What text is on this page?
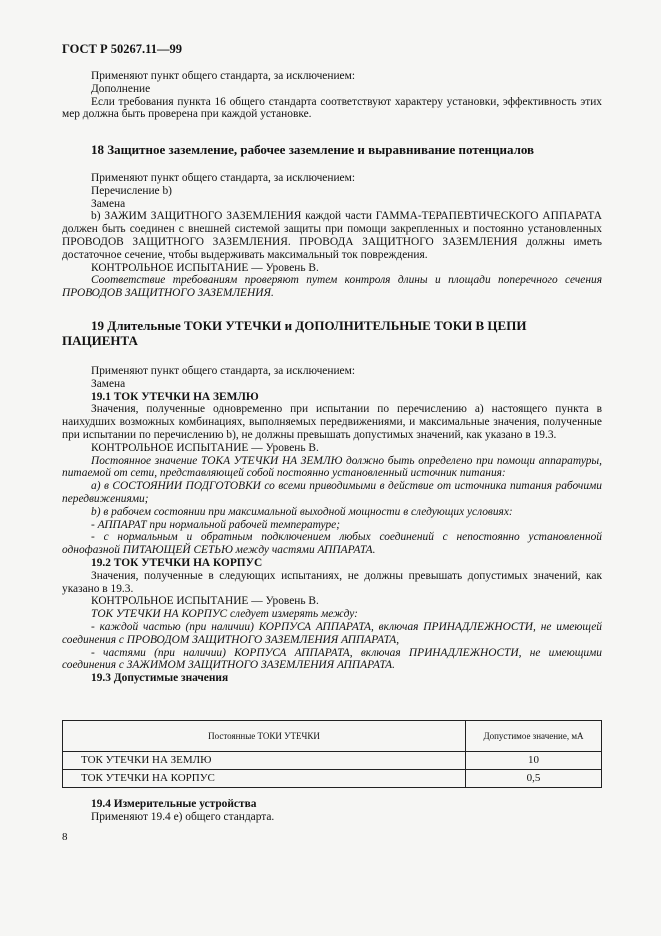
ГОСТ Р 50267.11—99

Применяют пункт общего стандарта, за исключением:

Дополнение

Если требования пункта 16 общего стандарта соответствуют характеру установки, эффективность этих мер должна быть проверена при каждой установке.

18 Защитное заземление, рабочее заземление и выравнивание потенциалов

Применяют пункт общего стандарта, за исключением:

Перечисление b)

Замена

b) ЗАЖИМ ЗАЩИТНОГО ЗАЗЕМЛЕНИЯ каждой части ГАММА-ТЕРАПЕВТИЧЕСКОГО АППАРАТА должен быть соединен с внешней системой защиты при помощи закрепленных и постоянно установленных ПРОВОДОВ ЗАЩИТНОГО ЗАЗЕМЛЕНИЯ. ПРОВОДА ЗАЩИТНОГО ЗАЗЕМЛЕНИЯ должны иметь достаточное сечение, чтобы выдерживать максимальный ток повреждения.

КОНТРОЛЬНОЕ ИСПЫТАНИЕ — Уровень В.

Соответствие требованиям проверяют путем контроля длины и площади поперечного сечения ПРОВОДОВ ЗАЩИТНОГО ЗАЗЕМЛЕНИЯ.

19 Длительные ТОКИ УТЕЧКИ и ДОПОЛНИТЕЛЬНЫЕ ТОКИ В ЦЕПИ ПАЦИЕНТА

Применяют пункт общего стандарта, за исключением:

Замена

19.1 ТОК УТЕЧКИ НА ЗЕМЛЮ

Значения, полученные одновременно при испытании по перечислению а) настоящего пункта в наихудших возможных комбинациях, выполняемых передвижениями, и максимальные значения, полученные при испытании по перечислению b), не должны превышать допустимых значений, как указано в 19.3.

КОНТРОЛЬНОЕ ИСПЫТАНИЕ — Уровень В.

Постоянное значение ТОКА УТЕЧКИ НА ЗЕМЛЮ должно быть определено при помощи аппаратуры, питаемой от сети, представляющей собой постоянно установленный источник питания:

а) в СОСТОЯНИИ ПОДГОТОВКИ со всеми приводимыми в действие от источника питания рабочими передвижениями;

b) в рабочем состоянии при максимальной выходной мощности в следующих условиях:

- АППАРАТ при нормальной рабочей температуре;

- с нормальным и обратным подключением любых соединений с непостоянно установленной однофазной ПИТАЮЩЕЙ СЕТЬЮ между частями АППАРАТА.

19.2 ТОК УТЕЧКИ НА КОРПУС

Значения, полученные в следующих испытаниях, не должны превышать допустимых значений, как указано в 19.3.

КОНТРОЛЬНОЕ ИСПЫТАНИЕ — Уровень В.

ТОК УТЕЧКИ НА КОРПУС следует измерять между:

- каждой частью (при наличии) КОРПУСА АППАРАТА, включая ПРИНАДЛЕЖНОСТИ, не имеющей соединения с ПРОВОДОМ ЗАЩИТНОГО ЗАЗЕМЛЕНИЯ АППАРАТА,

- частями (при наличии) КОРПУСА АППАРАТА, включая ПРИНАДЛЕЖНОСТИ, не имеющими соединения с ЗАЖИМОМ ЗАЩИТНОГО ЗАЗЕМЛЕНИЯ АППАРАТА.

19.3 Допустимые значения

Постоянные ТОКИ УТЕЧКИ	Допустимое значение, мА
ТОК УТЕЧКИ НА ЗЕМЛЮ	10
ТОК УТЕЧКИ НА КОРПУС	0,5

19.4 Измерительные устройства

Применяют 19.4 е) общего стандарта.

8
